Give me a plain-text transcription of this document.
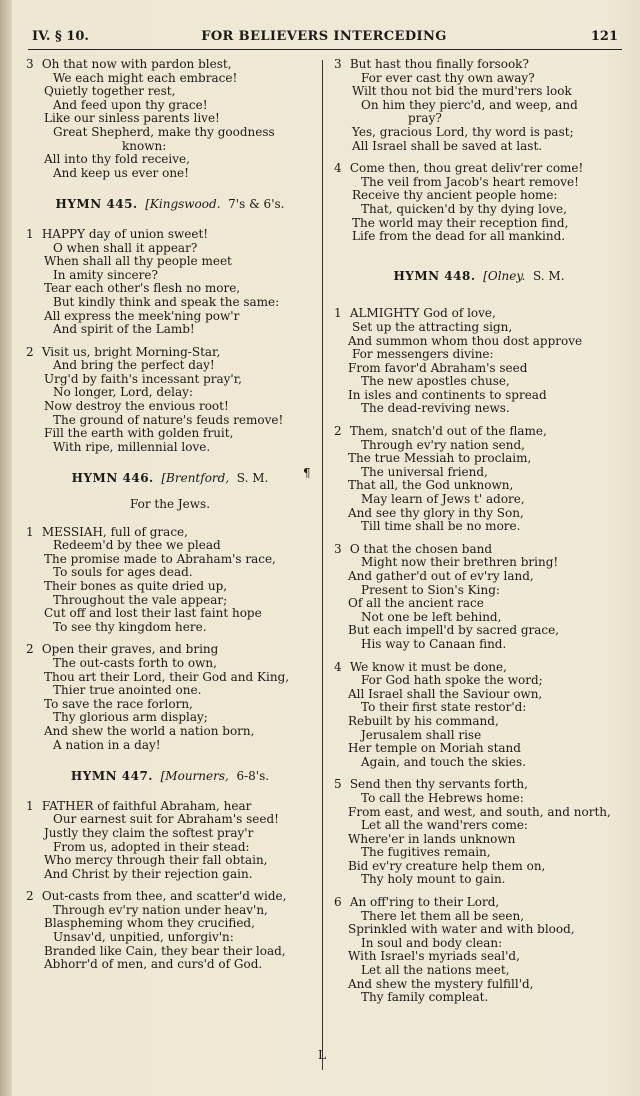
IV. § 10.	FOR BELIEVERS INTERCEDING	121
¶
3 Oh that now with pardon blest,
We each might each embrace!
Quietly together rest,
And feed upon thy grace!
Like our sinless parents live!
Great Shepherd, make thy goodness
known:
All into thy fold receive,
And keep us ever one!
HYMN 445. [Kingswood. 7's & 6's.
1 HAPPY day of union sweet!
O when shall it appear?
When shall all thy people meet
In amity sincere?
Tear each other's flesh no more,
But kindly think and speak the same:
All express the meek'ning pow'r
And spirit of the Lamb!
2 Visit us, bright Morning-Star,
And bring the perfect day!
Urg'd by faith's incessant pray'r,
No longer, Lord, delay:
Now destroy the envious root!
The ground of nature's feuds remove!
Fill the earth with golden fruit,
With ripe, millennial love.
HYMN 446. [Brentford, S. M.
For the Jews.
1 MESSIAH, full of grace,
Redeem'd by thee we plead
The promise made to Abraham's race,
To souls for ages dead.
Their bones as quite dried up,
Throughout the vale appear;
Cut off and lost their last faint hope
To see thy kingdom here.
2 Open their graves, and bring
The out-casts forth to own,
Thou art their Lord, their God and King,
Thier true anointed one.
To save the race forlorn,
Thy glorious arm display;
And shew the world a nation born,
A nation in a day!
HYMN 447. [Mourners, 6-8's.
1 FATHER of faithful Abraham, hear
Our earnest suit for Abraham's seed!
Justly they claim the softest pray'r
From us, adopted in their stead:
Who mercy through their fall obtain,
And Christ by their rejection gain.
2 Out-casts from thee, and scatter'd wide,
Through ev'ry nation under heav'n,
Blaspheming whom they crucified,
Unsav'd, unpitied, unforgiv'n:
Branded like Cain, they bear their load,
Abhorr'd of men, and curs'd of God.
3 But hast thou finally forsook?
For ever cast thy own away?
Wilt thou not bid the murd'rers look
On him they pierc'd, and weep, and
pray?
Yes, gracious Lord, thy word is past;
All Israel shall be saved at last.
4 Come then, thou great deliv'rer come!
The veil from Jacob's heart remove!
Receive thy ancient people home:
That, quicken'd by thy dying love,
The world may their reception find,
Life from the dead for all mankind.
HYMN 448. [Olney. S. M.
1 ALMIGHTY God of love,
Set up the attracting sign,
And summon whom thou dost approve
For messengers divine:
From favor'd Abraham's seed
The new apostles chuse,
In isles and continents to spread
The dead-reviving news.
2 Them, snatch'd out of the flame,
Through ev'ry nation send,
The true Messiah to proclaim,
The universal friend,
That all, the God unknown,
May learn of Jews t' adore,
And see thy glory in thy Son,
Till time shall be no more.
3 O that the chosen band
Might now their brethren bring!
And gather'd out of ev'ry land,
Present to Sion's King:
Of all the ancient race
Not one be left behind,
But each impell'd by sacred grace,
His way to Canaan find.
4 We know it must be done,
For God hath spoke the word;
All Israel shall the Saviour own,
To their first state restor'd:
Rebuilt by his command,
Jerusalem shall rise
Her temple on Moriah stand
Again, and touch the skies.
5 Send then thy servants forth,
To call the Hebrews home:
From east, and west, and south, and north,
Let all the wand'rers come:
Where'er in lands unknown
The fugitives remain,
Bid ev'ry creature help them on,
Thy holy mount to gain.
6 An off'ring to their Lord,
There let them all be seen,
Sprinkled with water and with blood,
In soul and body clean:
With Israel's myriads seal'd,
Let all the nations meet,
And shew the mystery fulfill'd,
Thy family compleat.
L
